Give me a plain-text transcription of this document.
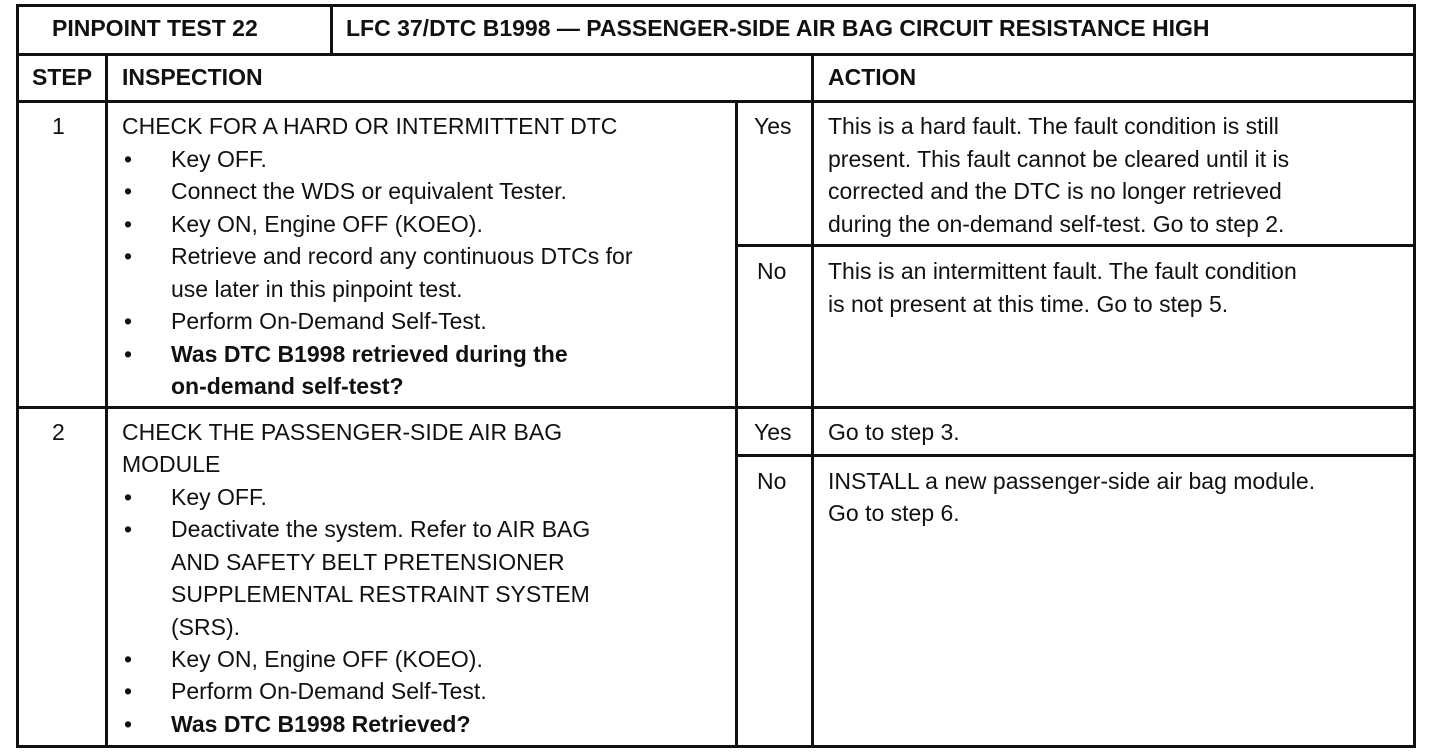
PINPOINT TEST 22	LFC 37/DTC B1998 — PASSENGER-SIDE AIR BAG CIRCUIT RESISTANCE HIGH
STEP INSPECTION	ACTION
1 CHECK FOR A HARD OR INTERMITTENT DTC
• Key OFF.
• Connect the WDS or equivalent Tester.
• Key ON, Engine OFF (KOEO).
• Retrieve and record any continuous DTCs for
use later in this pinpoint test.
• Perform On-Demand Self-Test.
• Was DTC B1998 retrieved during the
on-demand self-test?
Yes This is a hard fault. The fault condition is still
present. This fault cannot be cleared until it is
corrected and the DTC is no longer retrieved
during the on-demand self-test. Go to step 2.
No This is an intermittent fault. The fault condition
is not present at this time. Go to step 5.
2 CHECK THE PASSENGER-SIDE AIR BAG
MODULE
• Key OFF.
• Deactivate the system. Refer to AIR BAG
AND SAFETY BELT PRETENSIONER
SUPPLEMENTAL RESTRAINT SYSTEM
(SRS).
• Key ON, Engine OFF (KOEO).
• Perform On-Demand Self-Test.
• Was DTC B1998 Retrieved?
Yes Go to step 3.
No INSTALL a new passenger-side air bag module.
Go to step 6.
